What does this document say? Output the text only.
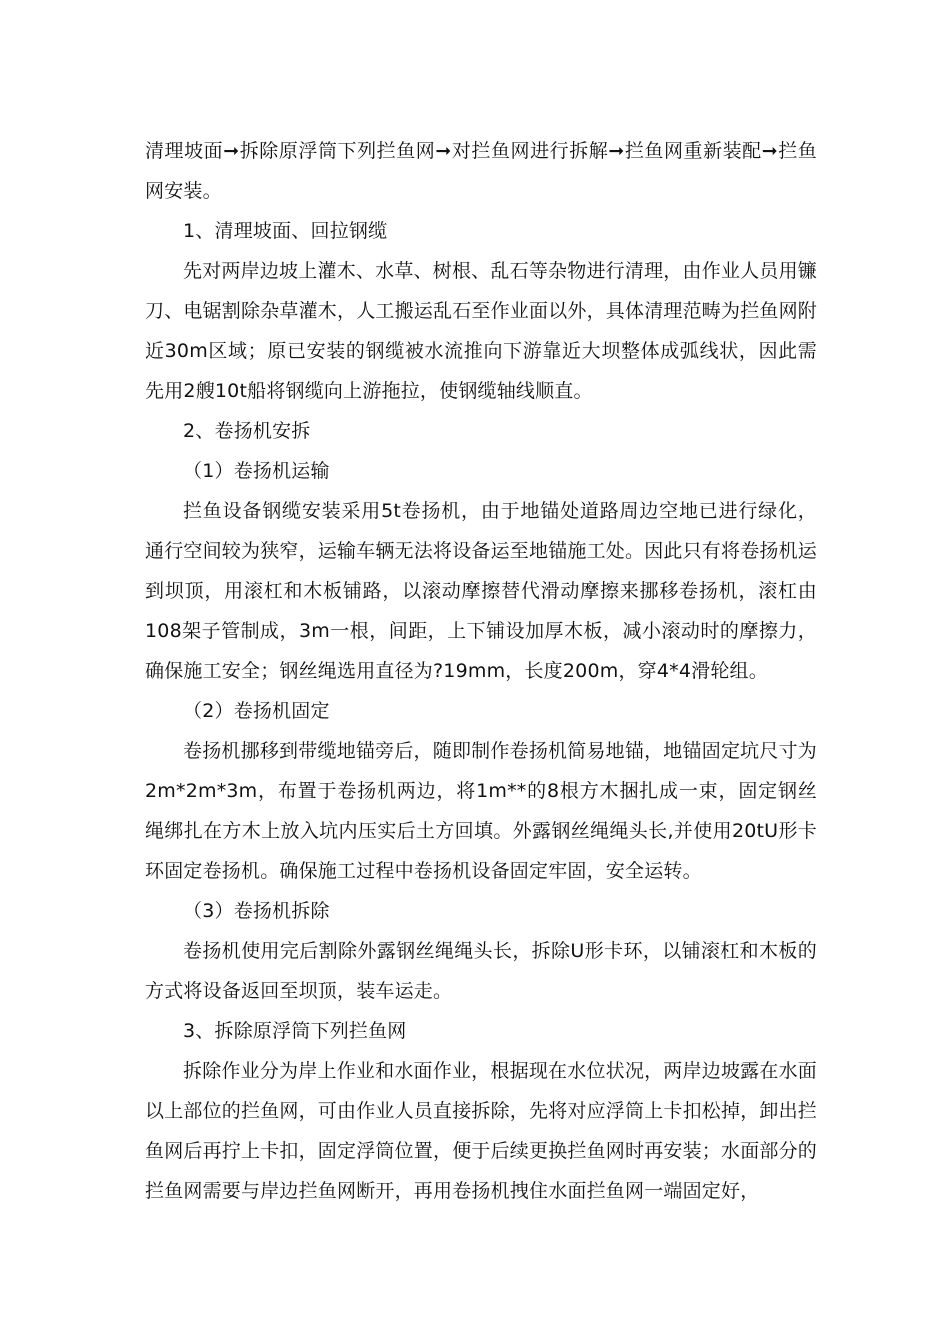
清理坡面➞拆除原浮筒下列拦鱼网➞对拦鱼网进行拆解➞拦鱼网重新装配➞拦鱼网安装。

1、清理坡面、回拉钢缆

先对两岸边坡上灌木、水草、树根、乱石等杂物进行清理，由作业人员用镰刀、电锯割除杂草灌木，人工搬运乱石至作业面以外，具体清理范畴为拦鱼网附近30m区域；原已安装的钢缆被水流推向下游靠近大坝整体成弧线状，因此需先用2艘10t船将钢缆向上游拖拉，使钢缆轴线顺直。

2、卷扬机安拆

（1）卷扬机运输

拦鱼设备钢缆安装采用5t卷扬机，由于地锚处道路周边空地已进行绿化，通行空间较为狭窄，运输车辆无法将设备运至地锚施工处。因此只有将卷扬机运到坝顶，用滚杠和木板铺路，以滚动摩擦替代滑动摩擦来挪移卷扬机，滚杠由108架子管制成，3m一根，间距，上下铺设加厚木板，减小滚动时的摩擦力，确保施工安全；钢丝绳选用直径为?19mm，长度200m，穿4*4滑轮组。

（2）卷扬机固定

卷扬机挪移到带缆地锚旁后，随即制作卷扬机简易地锚，地锚固定坑尺寸为2m*2m*3m，布置于卷扬机两边，将1m**的8根方木捆扎成一束，固定钢丝绳绑扎在方木上放入坑内压实后土方回填。外露钢丝绳绳头长,并使用20tU形卡环固定卷扬机。确保施工过程中卷扬机设备固定牢固，安全运转。

（3）卷扬机拆除

卷扬机使用完后割除外露钢丝绳绳头长，拆除U形卡环，以铺滚杠和木板的方式将设备返回至坝顶，装车运走。

3、拆除原浮筒下列拦鱼网

拆除作业分为岸上作业和水面作业，根据现在水位状况，两岸边坡露在水面以上部位的拦鱼网，可由作业人员直接拆除，先将对应浮筒上卡扣松掉，卸出拦鱼网后再拧上卡扣，固定浮筒位置，便于后续更换拦鱼网时再安装；水面部分的拦鱼网需要与岸边拦鱼网断开，再用卷扬机拽住水面拦鱼网一端固定好，
